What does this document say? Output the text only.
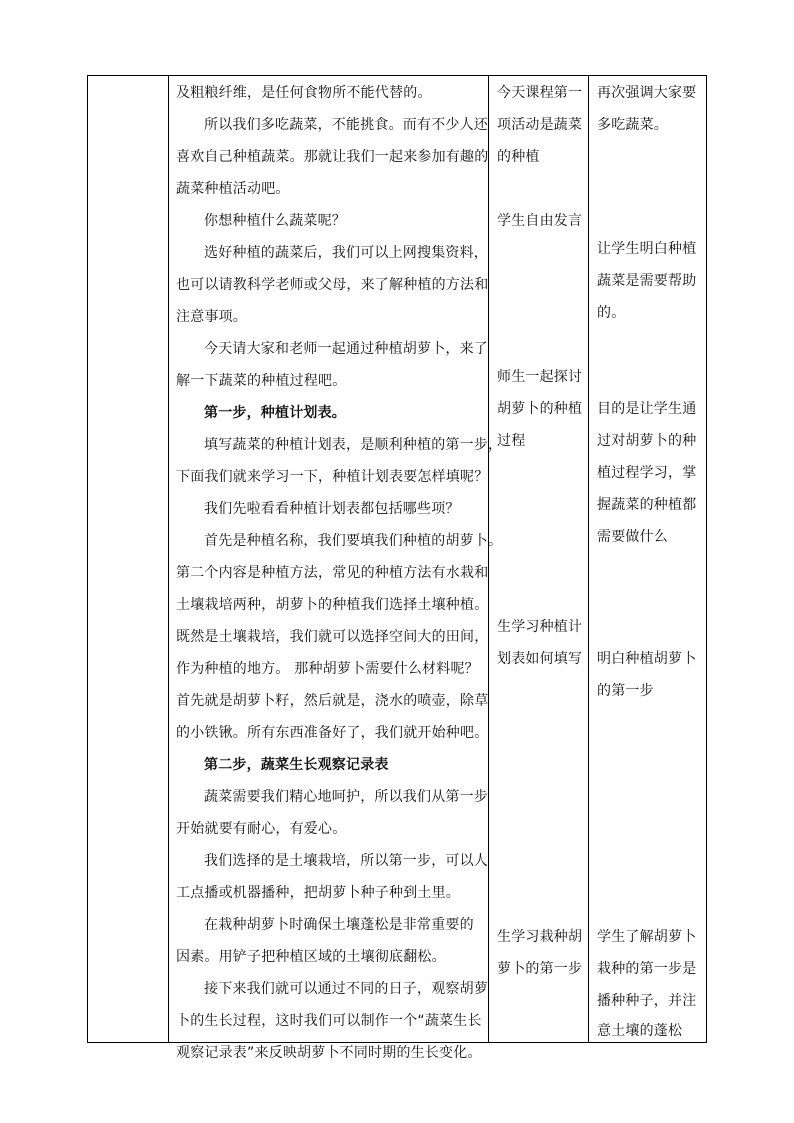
及粗粮纤维，是任何食物所不能代替的。
所以我们多吃蔬菜，不能挑食。而有不少人还
喜欢自己种植蔬菜。那就让我们一起来参加有趣的
蔬菜种植活动吧。
你想种植什么蔬菜呢？
选好种植的蔬菜后，我们可以上网搜集资料，
也可以请教科学老师或父母，来了解种植的方法和
注意事项。
今天请大家和老师一起通过种植胡萝卜，来了
解一下蔬菜的种植过程吧。
第一步，种植计划表。
填写蔬菜的种植计划表，是顺利种植的第一步，
下面我们就来学习一下，种植计划表要怎样填呢？
我们先啦看看种植计划表都包括哪些项？
首先是种植名称，我们要填我们种植的胡萝卜。
第二个内容是种植方法，常见的种植方法有水栽和
土壤栽培两种，胡萝卜的种植我们选择土壤种植。
既然是土壤栽培，我们就可以选择空间大的田间，
作为种植的地方。 那种胡萝卜需要什么材料呢？
首先就是胡萝卜籽，然后就是，浇水的喷壶，除草
的小铁锹。所有东西准备好了，我们就开始种吧。
第二步，蔬菜生长观察记录表
蔬菜需要我们精心地呵护，所以我们从第一步
开始就要有耐心，有爱心。
我们选择的是土壤栽培，所以第一步，可以人
工点播或机器播种，把胡萝卜种子种到土里。
在栽种胡萝卜时确保土壤蓬松是非常重要的
因素。用铲子把种植区域的土壤彻底翻松。
接下来我们就可以通过不同的日子，观察胡萝
卜的生长过程，这时我们可以制作一个“蔬菜生长
观察记录表”来反映胡萝卜不同时期的生长变化。
今天课程第一
项活动是蔬菜
的种植
学生自由发言
师生一起探讨
胡萝卜的种植
过程
生学习种植计
划表如何填写
生学习栽种胡
萝卜的第一步
再次强调大家要
多吃蔬菜。
让学生明白种植
蔬菜是需要帮助
的。
目的是让学生通
过对胡萝卜的种
植过程学习，掌
握蔬菜的种植都
需要做什么
明白种植胡萝卜
的第一步
学生了解胡萝卜
栽种的第一步是
播种种子，并注
意土壤的蓬松
